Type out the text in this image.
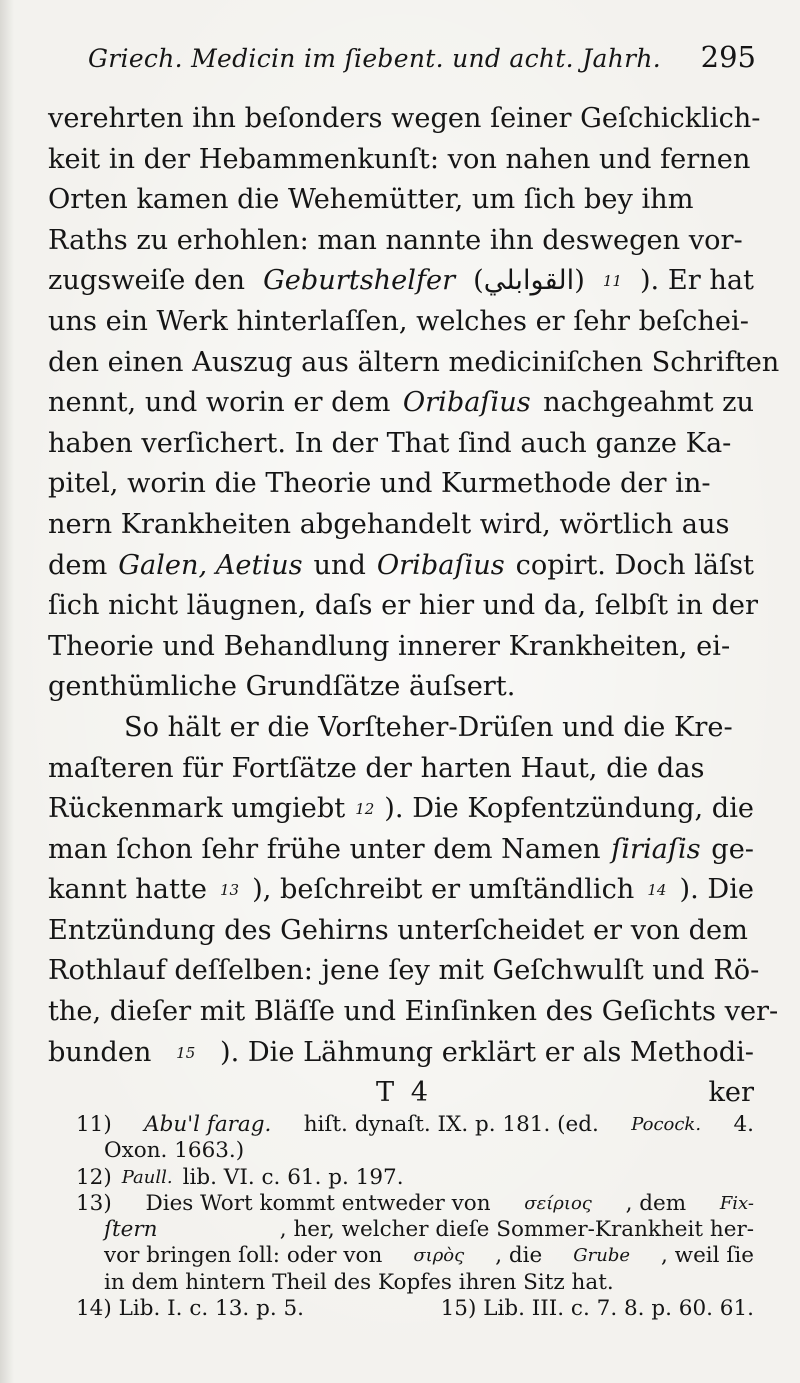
Griech. Medicin im ſiebent. und acht. Jahrh. 295
verehrten ihn beſonders wegen ſeiner Geſchicklich-
keit in der Hebammenkunſt: von nahen und fernen
Orten kamen die Wehemütter, um ſich bey ihm
Raths zu erhohlen: man nannte ihn deswegen vor-
zugsweiſe den Geburtshelfer (القوابلي) 11 ). Er hat
uns ein Werk hinterlaſſen, welches er ſehr beſchei-
den einen Auszug aus ältern mediciniſchen Schriften
nennt, und worin er dem Oribaſius nachgeahmt zu
haben verſichert. In der That ſind auch ganze Ka-
pitel, worin die Theorie und Kurmethode der in-
nern Krankheiten abgehandelt wird, wörtlich aus
dem Galen, Aetius und Oribaſius copirt. Doch läſst
ſich nicht läugnen, daſs er hier und da, ſelbſt in der
Theorie und Behandlung innerer Krankheiten, ei-
genthümliche Grundſätze äuſsert.
So hält er die Vorſteher-Drüſen und die Kre-
maſteren für Fortſätze der harten Haut, die das
Rückenmark umgiebt 12 ). Die Kopfentzündung, die
man ſchon ſehr frühe unter dem Namen ſiriaſis ge-
kannt hatte 13 ), beſchreibt er umſtändlich 14 ). Die
Entzündung des Gehirns unterſcheidet er von dem
Rothlauf deſſelben: jene ſey mit Geſchwulſt und Rö-
the, dieſer mit Bläſſe und Einſinken des Geſichts ver-
bunden 15 ). Die Lähmung erklärt er als Methodi-
T 4	ker
11) Abu'l farag. hiſt. dynaſt. IX. p. 181. (ed. Pocock. 4.
Oxon. 1663.)
12) Paull. lib. VI. c. 61. p. 197.
13) Dies Wort kommt entweder von σείριος , dem Fix-
ſtern	, her, welcher dieſe Sommer-Krankheit her-
vor bringen ſoll: oder von σιρὸς , die Grube , weil ſie
in dem hintern Theil des Kopfes ihren Sitz hat.
14) Lib. I. c. 13. p. 5.	15) Lib. III. c. 7. 8. p. 60. 61.
